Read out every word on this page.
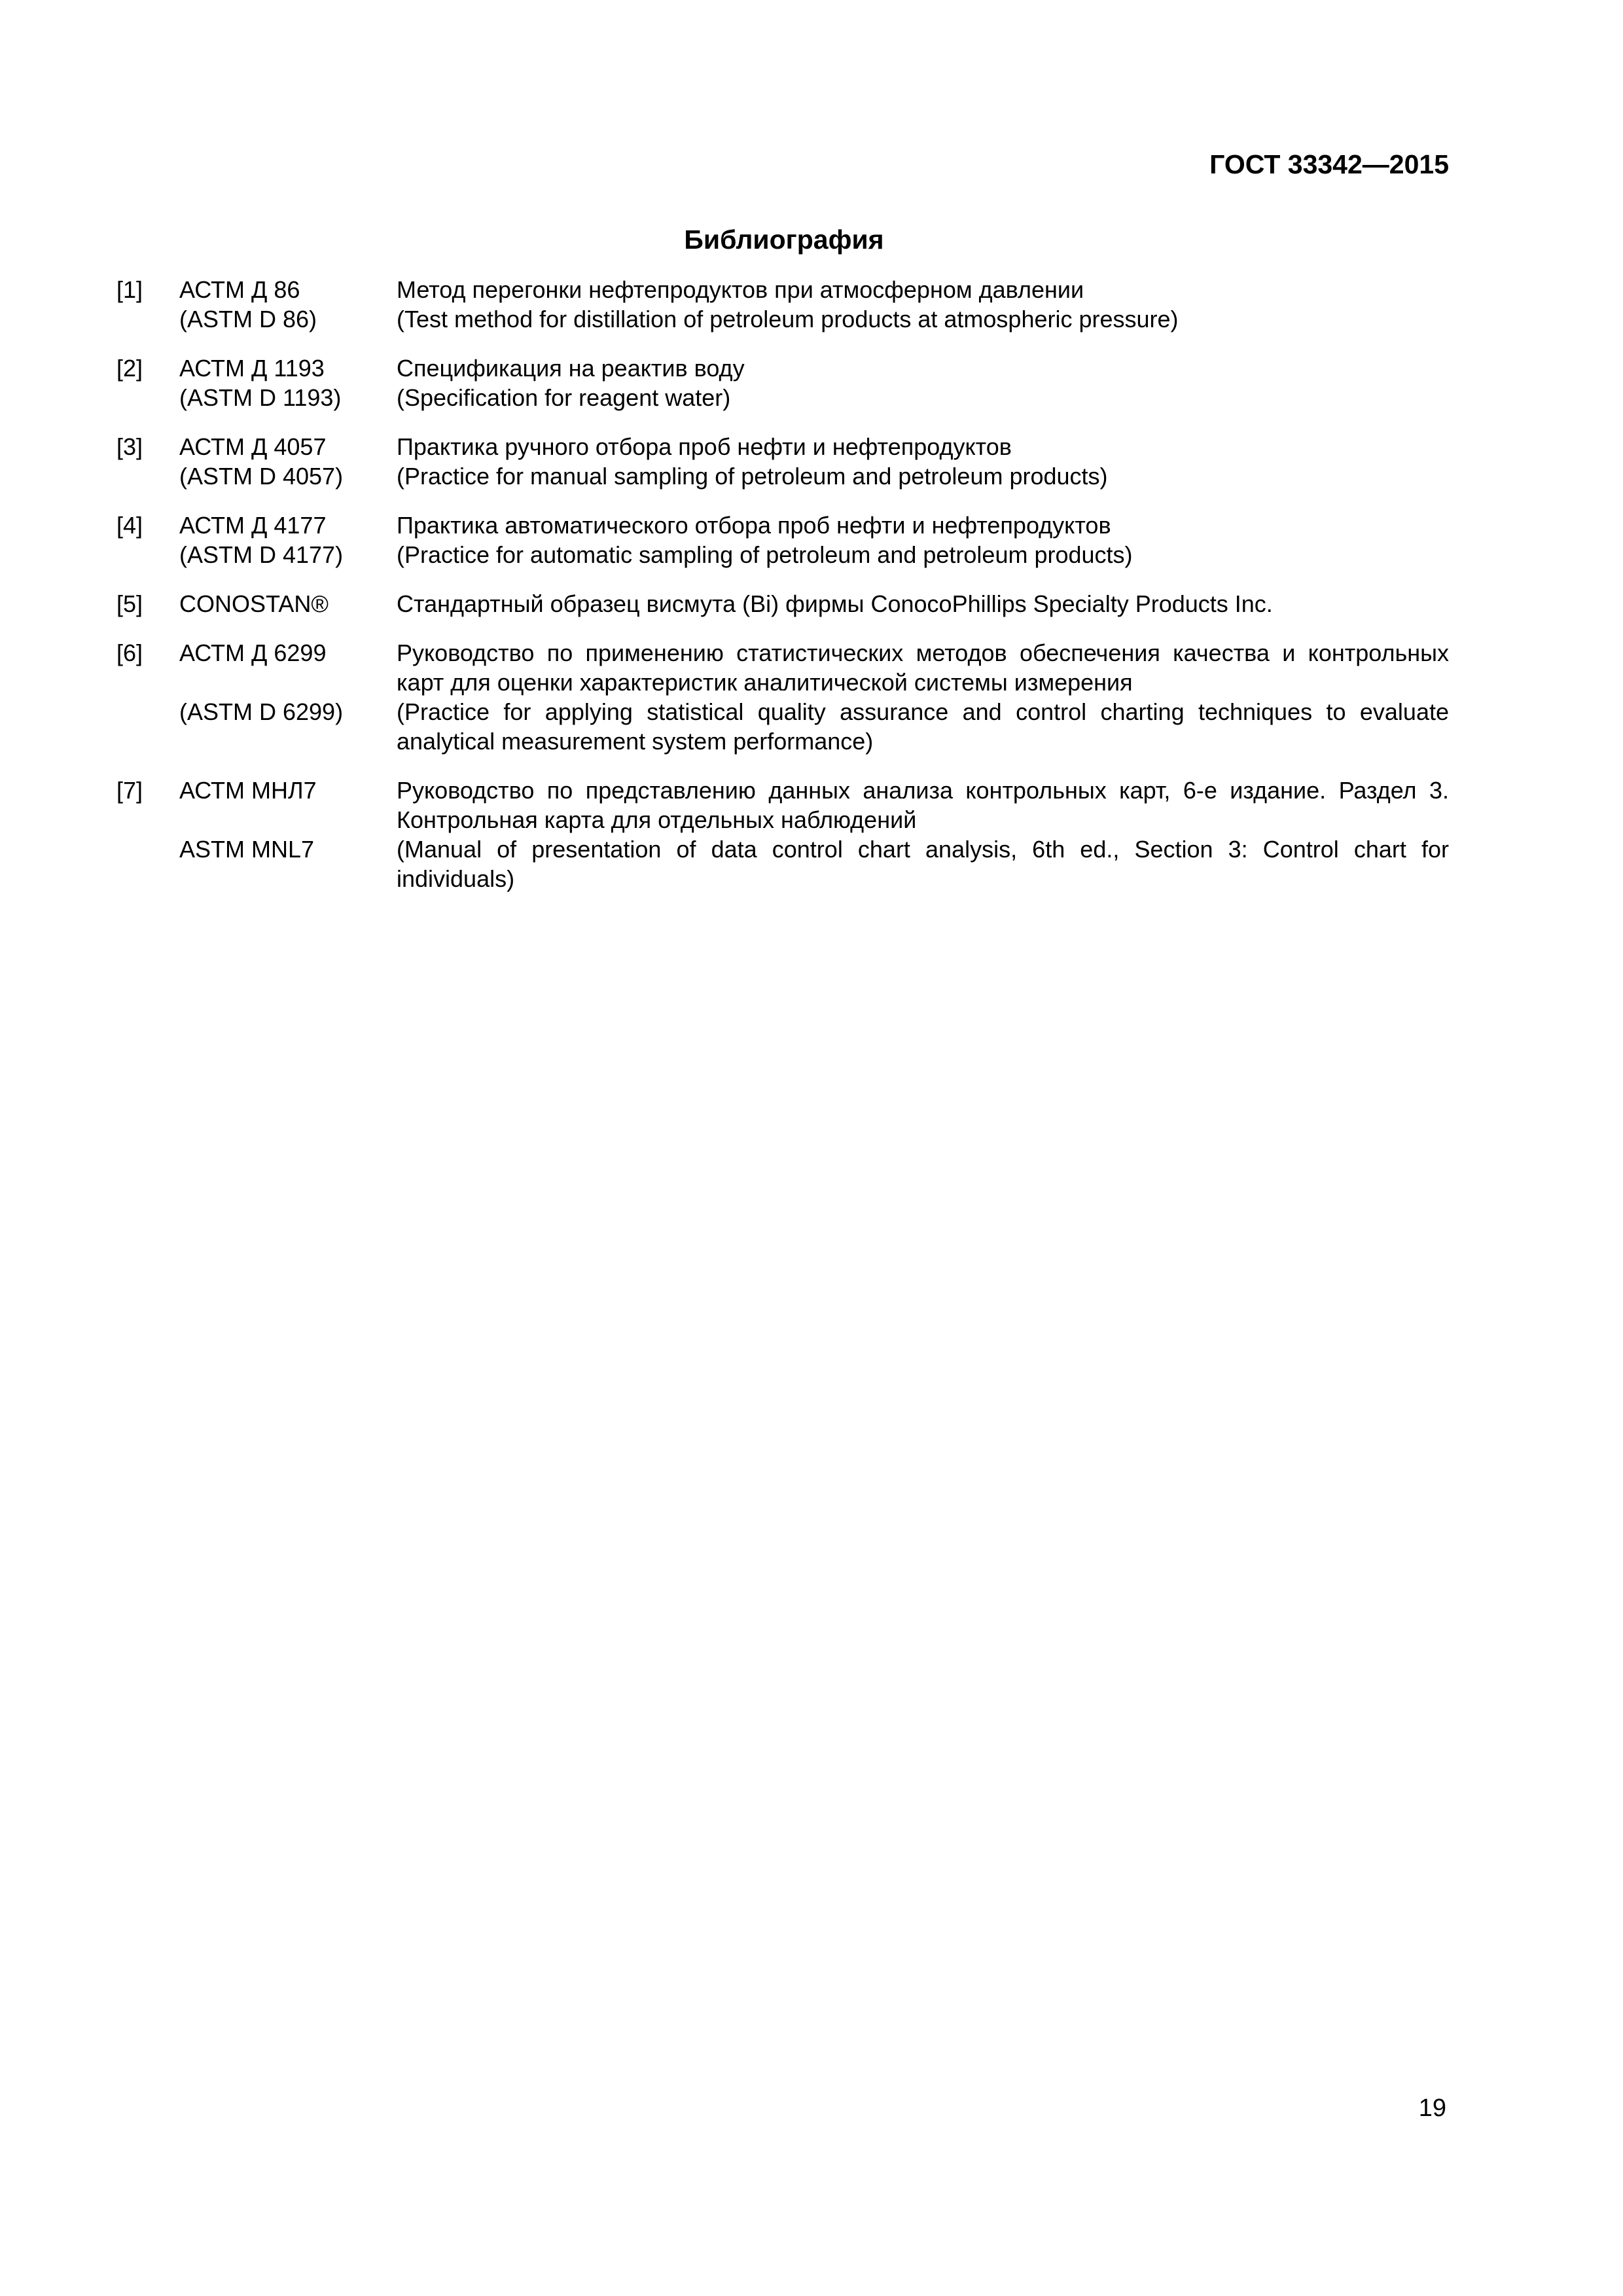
ГОСТ 33342—2015
Библиография
[1]	АСТМ Д 86	Метод перегонки нефтепродуктов при атмосферном давлении
(ASTM D 86)	(Test method for distillation of petroleum products at atmospheric pressure)
[2]	АСТМ Д 1193	Спецификация на реактив воду
(ASTM D 1193)	(Specification for reagent water)
[3]	АСТМ Д 4057	Практика ручного отбора проб нефти и нефтепродуктов
(ASTM D 4057)	(Practice for manual sampling of petroleum and petroleum products)
[4]	АСТМ Д 4177	Практика автоматического отбора проб нефти и нефтепродуктов
(ASTM D 4177)	(Practice for automatic sampling of petroleum and petroleum products)
[5]	CONOSTAN®	Стандартный образец висмута (Bi) фирмы ConocoPhillips Specialty Products Inc.
[6]	АСТМ Д 6299	Руководство по применению статистических методов обеспечения качества и контрольных карт для оценки характеристик аналитической системы измерения
(ASTM D 6299)	(Practice for applying statistical quality assurance and control charting techniques to evaluate analytical measurement system performance)
[7]	АСТМ МНЛ7	Руководство по представлению данных анализа контрольных карт, 6-е издание. Раздел 3. Контрольная карта для отдельных наблюдений
ASTM MNL7	(Manual of presentation of data control chart analysis, 6th ed., Section 3: Control chart for individuals)
19
